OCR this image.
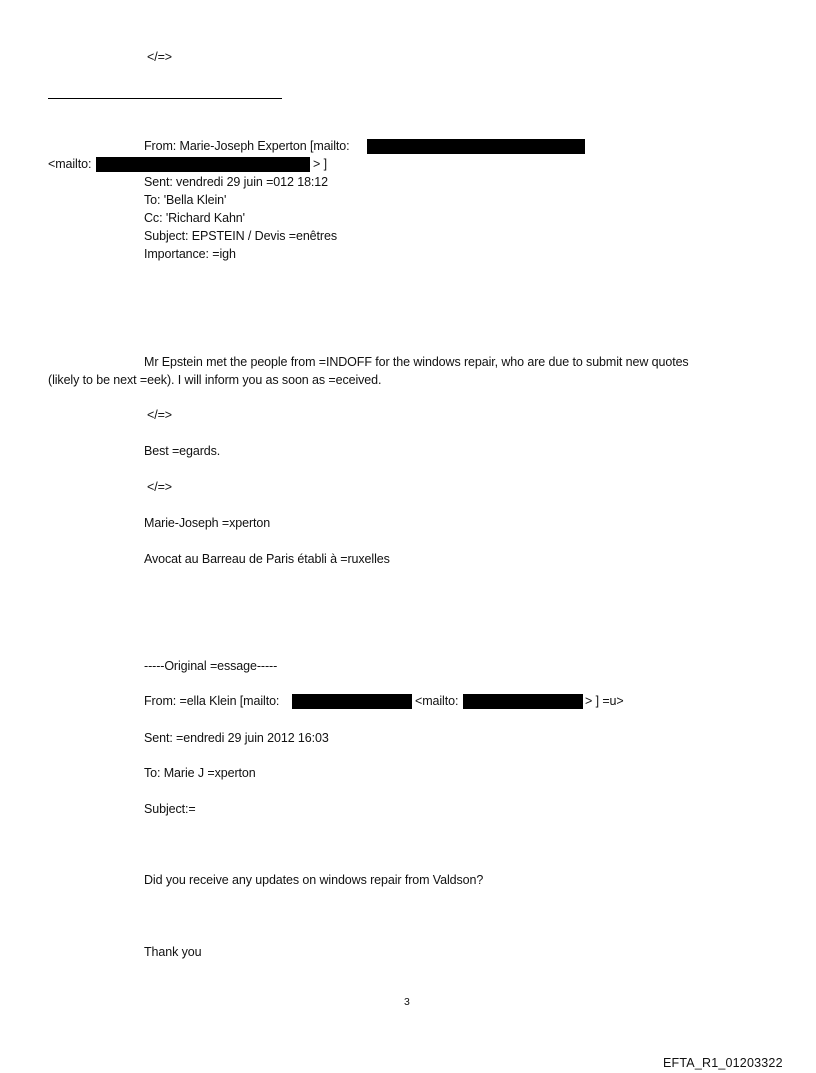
</=>
From: Marie-Joseph Experton [mailto:
<mailto:	> ]
Sent: vendredi 29 juin =012 18:12
To: 'Bella Klein'
Cc: 'Richard Kahn'
Subject: EPSTEIN / Devis =enêtres
Importance: =igh
Mr Epstein met the people from =INDOFF for the windows repair, who are due to submit new quotes
(likely to be next =eek). I will inform you as soon as =eceived.
</=>
Best =egards.
</=>
Marie-Joseph =xperton
Avocat au Barreau de Paris établi à =ruxelles
-----Original =essage-----
From: =ella Klein [mailto:	<mailto:	> ] =u>
Sent: =endredi 29 juin 2012 16:03
To: Marie J =xperton
Subject:=
Did you receive any updates on windows repair from Valdson?
Thank you
3
EFTA_R1_01203322
